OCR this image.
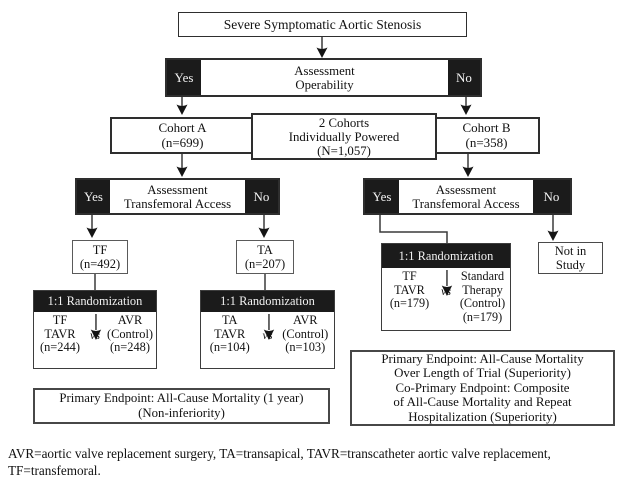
Severe Symptomatic Aortic Stenosis
Yes	Assessment
Operability	No
Cohort A
(n=699)
Cohort B
(n=358)
2 Cohorts
Individually Powered
(N=1,057)
Yes	Assessment
Transfemoral Access No	Yes	Assessment
Transfemoral Access No
TF
(n=492)
TA
(n=207)
Not in
Study
1:1 Randomization
TF
TAVR
(n=244)
vs
AVR
(Control)
(n=248)
1:1 Randomization
TA
TAVR
(n=104)
vs
AVR
(Control)
(n=103)
1:1 Randomization
TF
TAVR
(n=179)
vs
Standard
Therapy
(Control)
(n=179)
Primary Endpoint: All-Cause Mortality (1 year)
(Non-inferiority)
Primary Endpoint: All-Cause Mortality
Over Length of Trial (Superiority)
Co-Primary Endpoint: Composite
of All-Cause Mortality and Repeat
Hospitalization (Superiority)
AVR=aortic valve replacement surgery, TA=transapical, TAVR=transcatheter aortic valve replacement,
TF=transfemoral.
